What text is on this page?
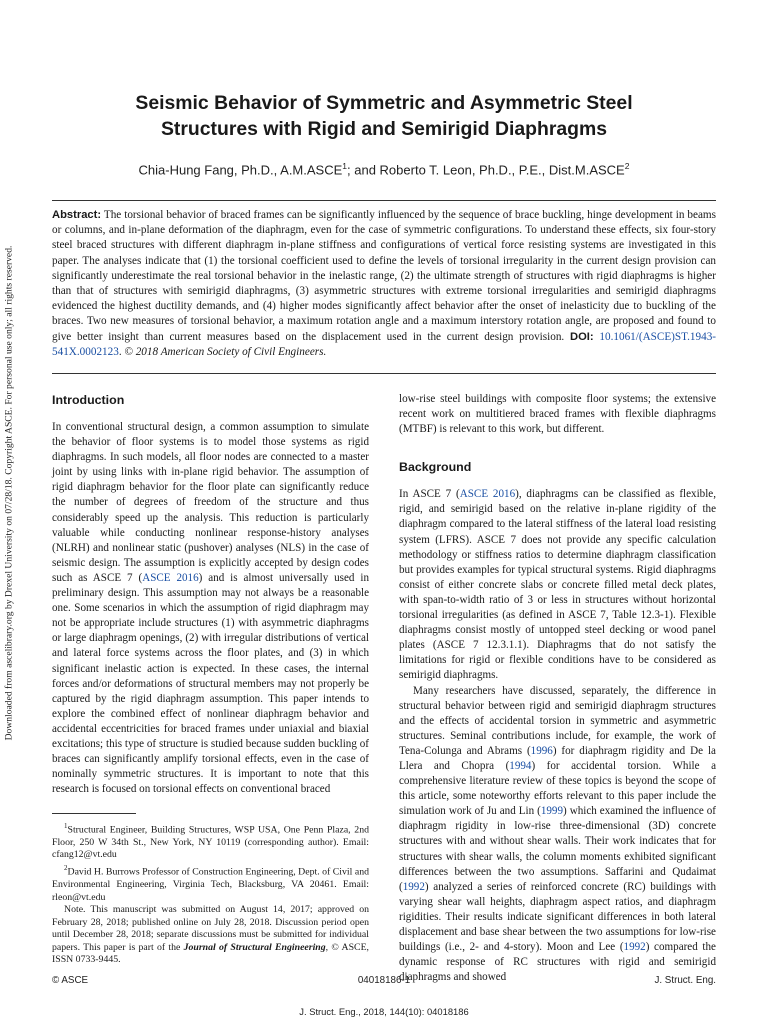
Downloaded from ascelibrary.org by Drexel University on 07/28/18. Copyright ASCE. For personal use only; all rights reserved.
Seismic Behavior of Symmetric and Asymmetric Steel
Structures with Rigid and Semirigid Diaphragms

Chia-Hung Fang, Ph.D., A.M.ASCE$^1$; and Roberto T. Leon, Ph.D., P.E., Dist.M.ASCE$^2$

Abstract: The torsional behavior of braced frames can be significantly influenced by the sequence of brace buckling, hinge development in beams or columns, and in-plane deformation of the diaphragm, even for the case of symmetric configurations. To understand these effects, six four-story steel braced structures with different diaphragm in-plane stiffness and configurations of vertical force resisting systems are investigated in this paper. The analyses indicate that (1) the torsional coefficient used to define the levels of torsional irregularity in the current design provision can significantly underestimate the real torsional behavior in the inelastic range, (2) the ultimate strength of structures with rigid diaphragms is higher than that of structures with semirigid diaphragms, (3) asymmetric structures with extreme torsional irregularities and semirigid diaphragms evidenced the highest ductility demands, and (4) higher modes significantly affect behavior after the onset of inelasticity due to buckling of the braces. Two new measures of torsional behavior, a maximum rotation angle and a maximum interstory rotation angle, are proposed and found to give better insight than current measures based on the displacement used in the current design provision. DOI: 10.1061/(ASCE)ST.1943-541X.0002123. © 2018 American Society of Civil Engineers.

Introduction

In conventional structural design, a common assumption to simulate the behavior of floor systems is to model those systems as rigid diaphragms. In such models, all floor nodes are connected to a master joint by using links with in-plane rigid behavior. The assumption of rigid diaphragm behavior for the floor plate can significantly reduce the number of degrees of freedom of the structure and thus considerably speed up the analysis. This reduction is particularly valuable while conducting nonlinear response-history analyses (NLRH) and nonlinear static (pushover) analyses (NLS) in the case of seismic design. The assumption is explicitly accepted by design codes such as ASCE 7 (ASCE 2016) and is almost universally used in preliminary design. This assumption may not always be a reasonable one. Some scenarios in which the assumption of rigid diaphragm may not be appropriate include structures (1) with asymmetric diaphragms or large diaphragm openings, (2) with irregular distributions of vertical and lateral force systems across the floor plates, and (3) in which significant inelastic action is expected. In these cases, the internal forces and/or deformations of structural members may not properly be captured by the rigid diaphragm assumption. This paper intends to explore the combined effect of nonlinear diaphragm behavior and accidental eccentricities for braced frames under uniaxial and biaxial excitations; this type of structure is studied because sudden buckling of braces can significantly amplify torsional effects, even in the case of nominally symmetric structures. It is important to note that this research is focused on torsional effects on conventional braced

low-rise steel buildings with composite floor systems; the extensive recent work on multitiered braced frames with flexible diaphragms (MTBF) is relevant to this work, but different.

Background

In ASCE 7 (ASCE 2016), diaphragms can be classified as flexible, rigid, and semirigid based on the relative in-plane rigidity of the diaphragm compared to the lateral stiffness of the lateral load resisting system (LFRS). ASCE 7 does not provide any specific calculation methodology or stiffness ratios to determine diaphragm classification but provides examples for typical structural systems. Rigid diaphragms consist of either concrete slabs or concrete filled metal deck plates, with span-to-width ratio of 3 or less in structures without horizontal torsional irregularities (as defined in ASCE 7, Table 12.3-1). Flexible diaphragms consist mostly of untopped steel decking or wood panel plates (ASCE 7 12.3.1.1). Diaphragms that do not satisfy the limitations for rigid or flexible conditions have to be considered as semirigid diaphragms.

Many researchers have discussed, separately, the difference in structural behavior between rigid and semirigid diaphragm structures and the effects of accidental torsion in symmetric and asymmetric structures. Seminal contributions include, for example, the work of Tena-Colunga and Abrams (1996) for diaphragm rigidity and De la Llera and Chopra (1994) for accidental torsion. While a comprehensive literature review of these topics is beyond the scope of this article, some noteworthy efforts relevant to this paper include the simulation work of Ju and Lin (1999) which examined the influence of diaphragm rigidity in low-rise three-dimensional (3D) concrete structures with and without shear walls. Their work indicates that for structures with shear walls, the column moments exhibited significant differences between the two assumptions. Saffarini and Qudaimat (1992) analyzed a series of reinforced concrete (RC) buildings with varying shear wall heights, diaphragm aspect ratios, and diaphragm rigidities. Their results indicate significant differences in both lateral displacement and base shear between the two assumptions for low-rise buildings (i.e., 2- and 4-story). Moon and Lee (1992) compared the dynamic response of RC structures with rigid and semirigid diaphragms and showed

$^1$Structural Engineer, Building Structures, WSP USA, One Penn Plaza, 2nd Floor, 250 W 34th St., New York, NY 10119 (corresponding author). Email: cfang12@vt.edu

$^2$David H. Burrows Professor of Construction Engineering, Dept. of Civil and Environmental Engineering, Virginia Tech, Blacksburg, VA 20461. Email: rleon@vt.edu

Note. This manuscript was submitted on August 14, 2017; approved on February 28, 2018; published online on July 28, 2018. Discussion period open until December 28, 2018; separate discussions must be submitted for individual papers. This paper is part of the Journal of Structural Engineering, © ASCE, ISSN 0733-9445.

© ASCE	04018186-1	J. Struct. Eng.
J. Struct. Eng., 2018, 144(10): 04018186
